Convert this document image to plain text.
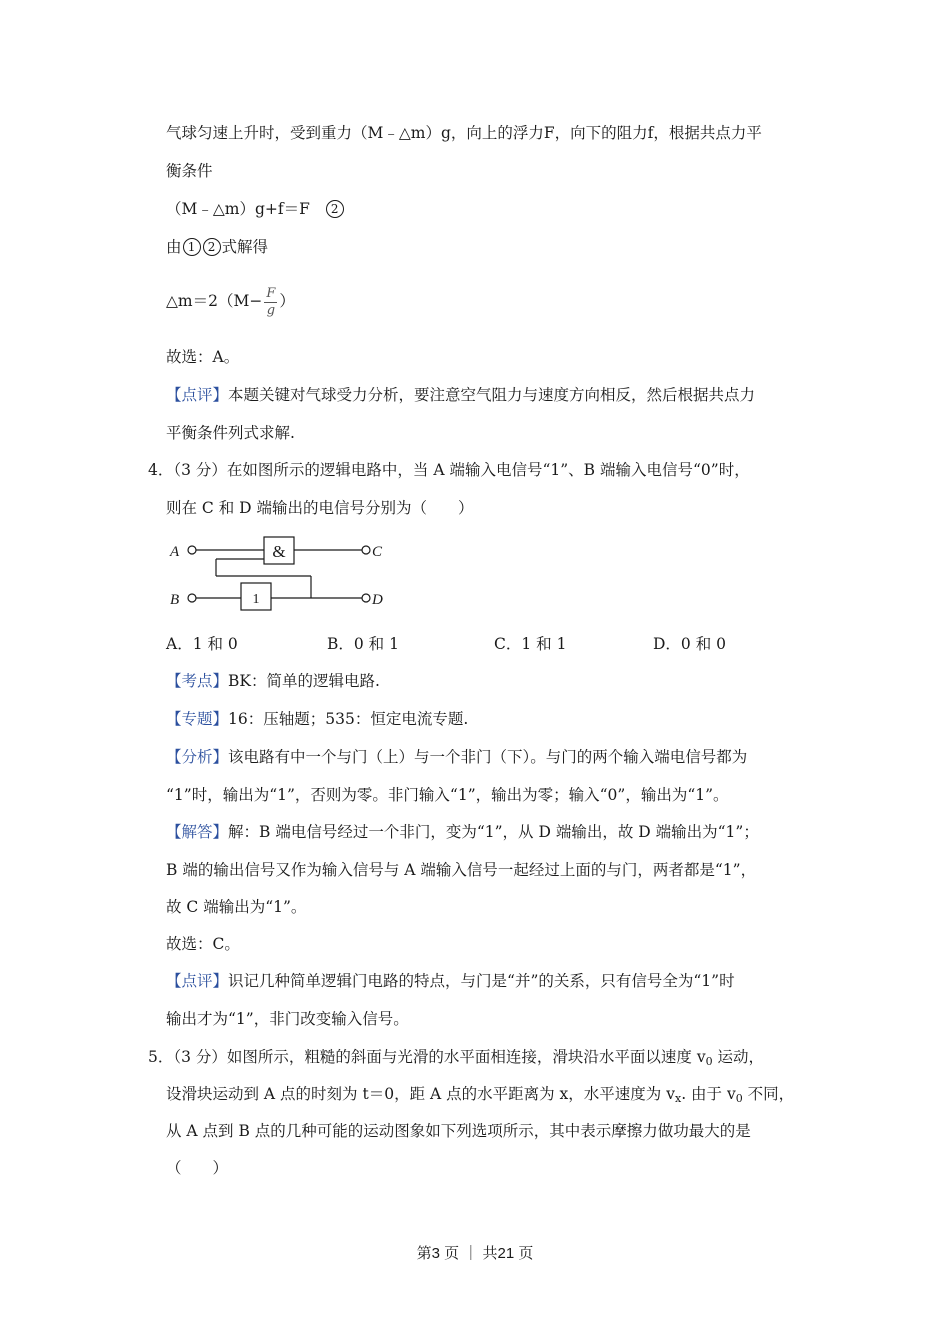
气球匀速上升时，受到重力（M﹣△m）g，向上的浮力F，向下的阻力f，根据共点力平
衡条件
（M﹣△m）g+f＝F 2
由 1 2 式解得
△m＝2（M− $\frac{F}{g}$ ）
故选：A。
【点评】本题关键对气球受力分析，要注意空气阻力与速度方向相反，然后根据共点力
平衡条件列式求解.
4．（3 分）在如图所示的逻辑电路中，当 A 端输入电信号“1”、B 端输入电信号“0”时，
则在 C 和 D 端输出的电信号分别为（　　）
&
1
A
B
C
D
A．1 和 0	B．0 和 1	C．1 和 1	D．0 和 0
【考点】BK：简单的逻辑电路.
【专题】16：压轴题；535：恒定电流专题.
【分析】该电路有中一个与门（上）与一个非门（下）。与门的两个输入端电信号都为
“1”时，输出为“1”，否则为零。非门输入“1”，输出为零；输入“0”，输出为“1”。
【解答】解：B 端电信号经过一个非门，变为“1”，从 D 端输出，故 D 端输出为“1”；
B 端的输出信号又作为输入信号与 A 端输入信号一起经过上面的与门，两者都是“1”，
故 C 端输出为“1”。
故选：C。
【点评】识记几种简单逻辑门电路的特点，与门是“并”的关系，只有信号全为“1”时
输出才为“1”，非门改变输入信号。
5．（3 分）如图所示，粗糙的斜面与光滑的水平面相连接，滑块沿水平面以速度 $v_0$ 运动，
设滑块运动到 A 点的时刻为 t＝0，距 A 点的水平距离为 x，水平速度为 $v_x$. 由于 $v_0$ 不同，
从 A 点到 B 点的几种可能的运动图象如下列选项所示，其中表示摩擦力做功最大的是
（　　）
第3 页 ｜ 共21 页
